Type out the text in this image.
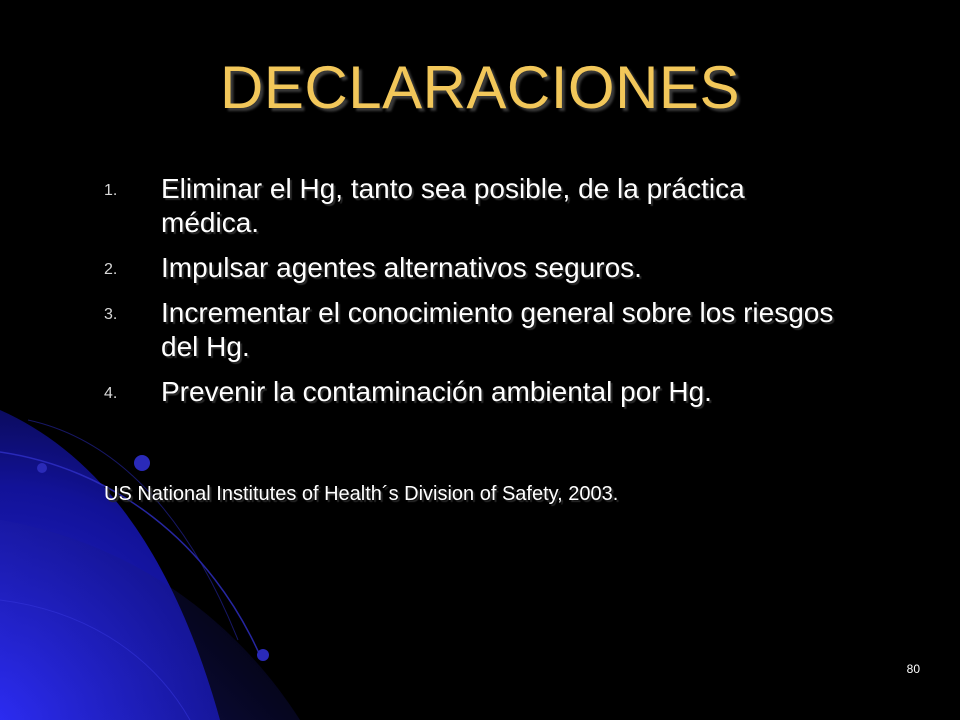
DECLARACIONES
1. Eliminar el Hg, tanto sea posible, de la práctica médica.
2. Impulsar agentes alternativos seguros.
3. Incrementar el conocimiento general sobre los riesgos del Hg.
4. Prevenir la contaminación ambiental por Hg.
US National Institutes of Health´s Division of Safety, 2003.
80
